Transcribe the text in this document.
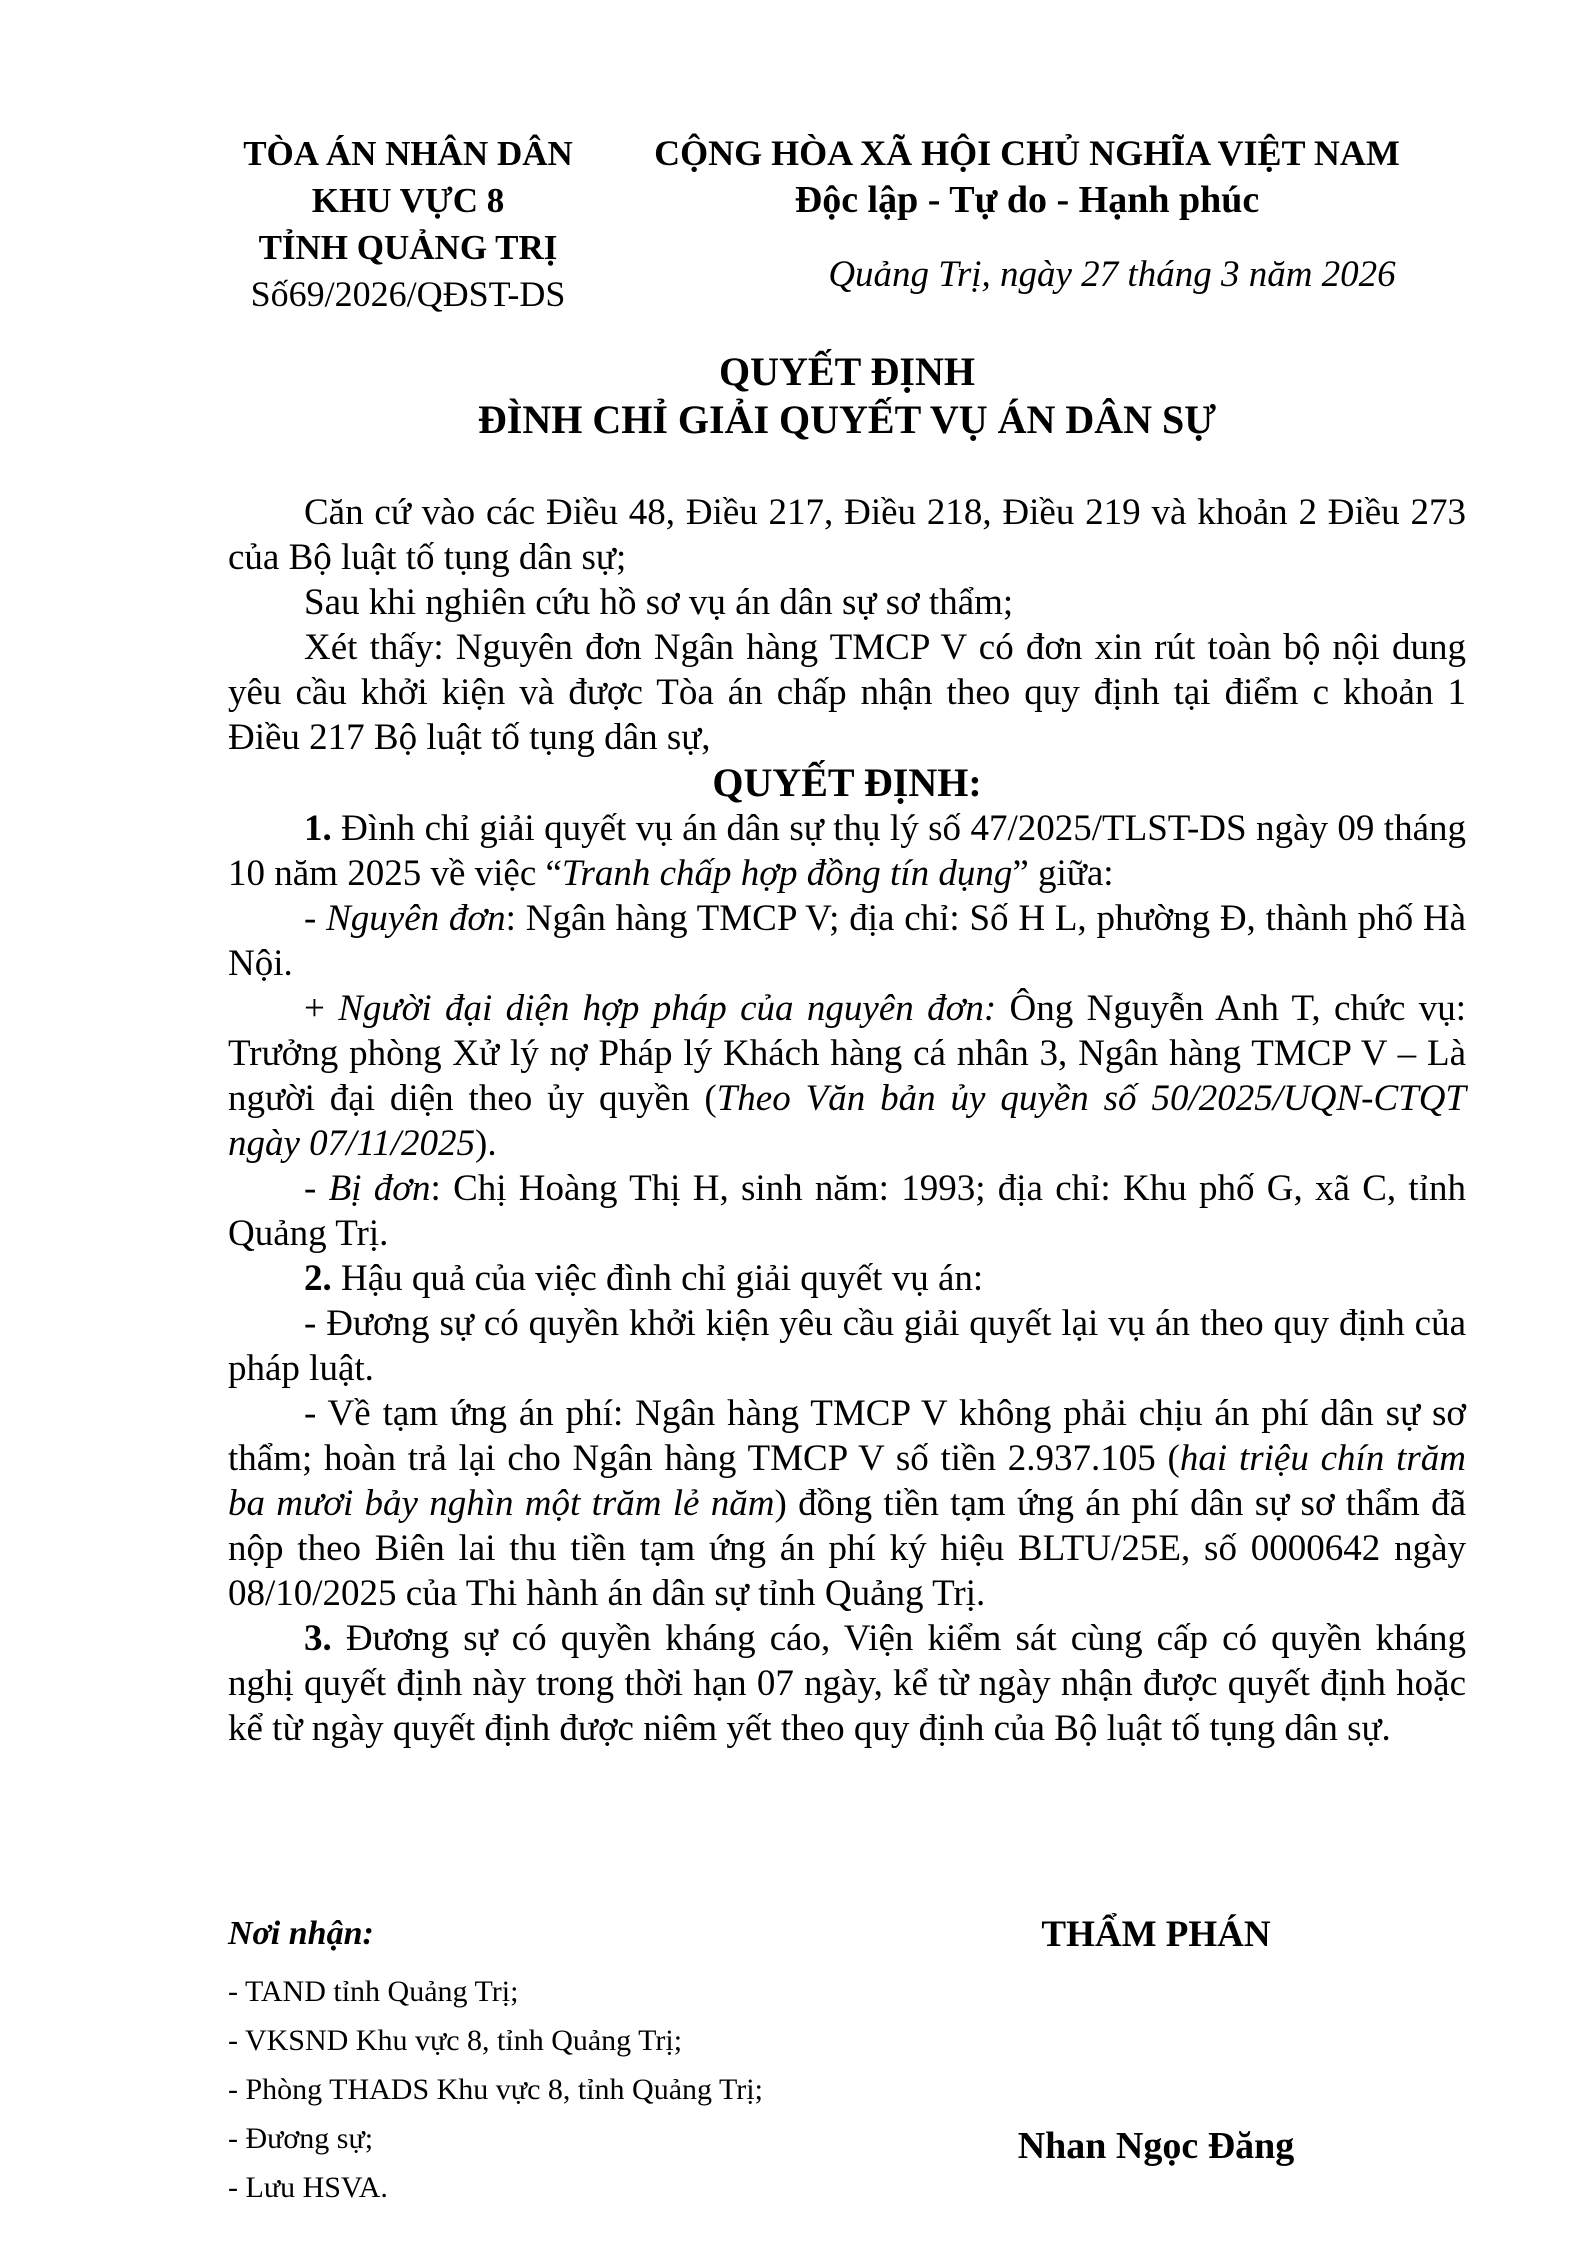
TÒA ÁN NHÂN DÂN
KHU VỰC 8
TỈNH QUẢNG TRỊ
Số69/2026/QĐST-DS
CỘNG HÒA XÃ HỘI CHỦ NGHĨA VIỆT NAM
Độc lập - Tự do - Hạnh phúc
Quảng Trị, ngày 27 tháng 3 năm 2026
QUYẾT ĐỊNH
ĐÌNH CHỈ GIẢI QUYẾT VỤ ÁN DÂN SỰ

Căn cứ vào các Điều 48, Điều 217, Điều 218, Điều 219 và khoản 2 Điều 273 của Bộ luật tố tụng dân sự;

Sau khi nghiên cứu hồ sơ vụ án dân sự sơ thẩm;

Xét thấy: Nguyên đơn Ngân hàng TMCP V có đơn xin rút toàn bộ nội dung yêu cầu khởi kiện và được Tòa án chấp nhận theo quy định tại điểm c khoản 1 Điều 217 Bộ luật tố tụng dân sự,

QUYẾT ĐỊNH:

1. Đình chỉ giải quyết vụ án dân sự thụ lý số 47/2025/TLST-DS ngày 09 tháng 10 năm 2025 về việc “Tranh chấp hợp đồng tín dụng” giữa:

- Nguyên đơn: Ngân hàng TMCP V; địa chỉ: Số H L, phường Đ, thành phố Hà Nội.

+ Người đại diện hợp pháp của nguyên đơn: Ông Nguyễn Anh T, chức vụ: Trưởng phòng Xử lý nợ Pháp lý Khách hàng cá nhân 3, Ngân hàng TMCP V – Là người đại diện theo ủy quyền (Theo Văn bản ủy quyền số 50/2025/UQN-CTQT ngày 07/11/2025).

- Bị đơn: Chị Hoàng Thị H, sinh năm: 1993; địa chỉ: Khu phố G, xã C, tỉnh Quảng Trị.

2. Hậu quả của việc đình chỉ giải quyết vụ án:

- Đương sự có quyền khởi kiện yêu cầu giải quyết lại vụ án theo quy định của pháp luật.

- Về tạm ứng án phí: Ngân hàng TMCP V không phải chịu án phí dân sự sơ thẩm; hoàn trả lại cho Ngân hàng TMCP V số tiền 2.937.105 (hai triệu chín trăm ba mươi bảy nghìn một trăm lẻ năm) đồng tiền tạm ứng án phí dân sự sơ thẩm đã nộp theo Biên lai thu tiền tạm ứng án phí ký hiệu BLTU/25E, số 0000642 ngày 08/10/2025 của Thi hành án dân sự tỉnh Quảng Trị.

3. Đương sự có quyền kháng cáo, Viện kiểm sát cùng cấp có quyền kháng nghị quyết định này trong thời hạn 07 ngày, kể từ ngày nhận được quyết định hoặc kể từ ngày quyết định được niêm yết theo quy định của Bộ luật tố tụng dân sự.

Nơi nhận:
- TAND tỉnh Quảng Trị;
- VKSND Khu vực 8, tỉnh Quảng Trị;
- Phòng THADS Khu vực 8, tỉnh Quảng Trị;
- Đương sự;
- Lưu HSVA.
THẨM PHÁN
Nhan Ngọc Đăng
